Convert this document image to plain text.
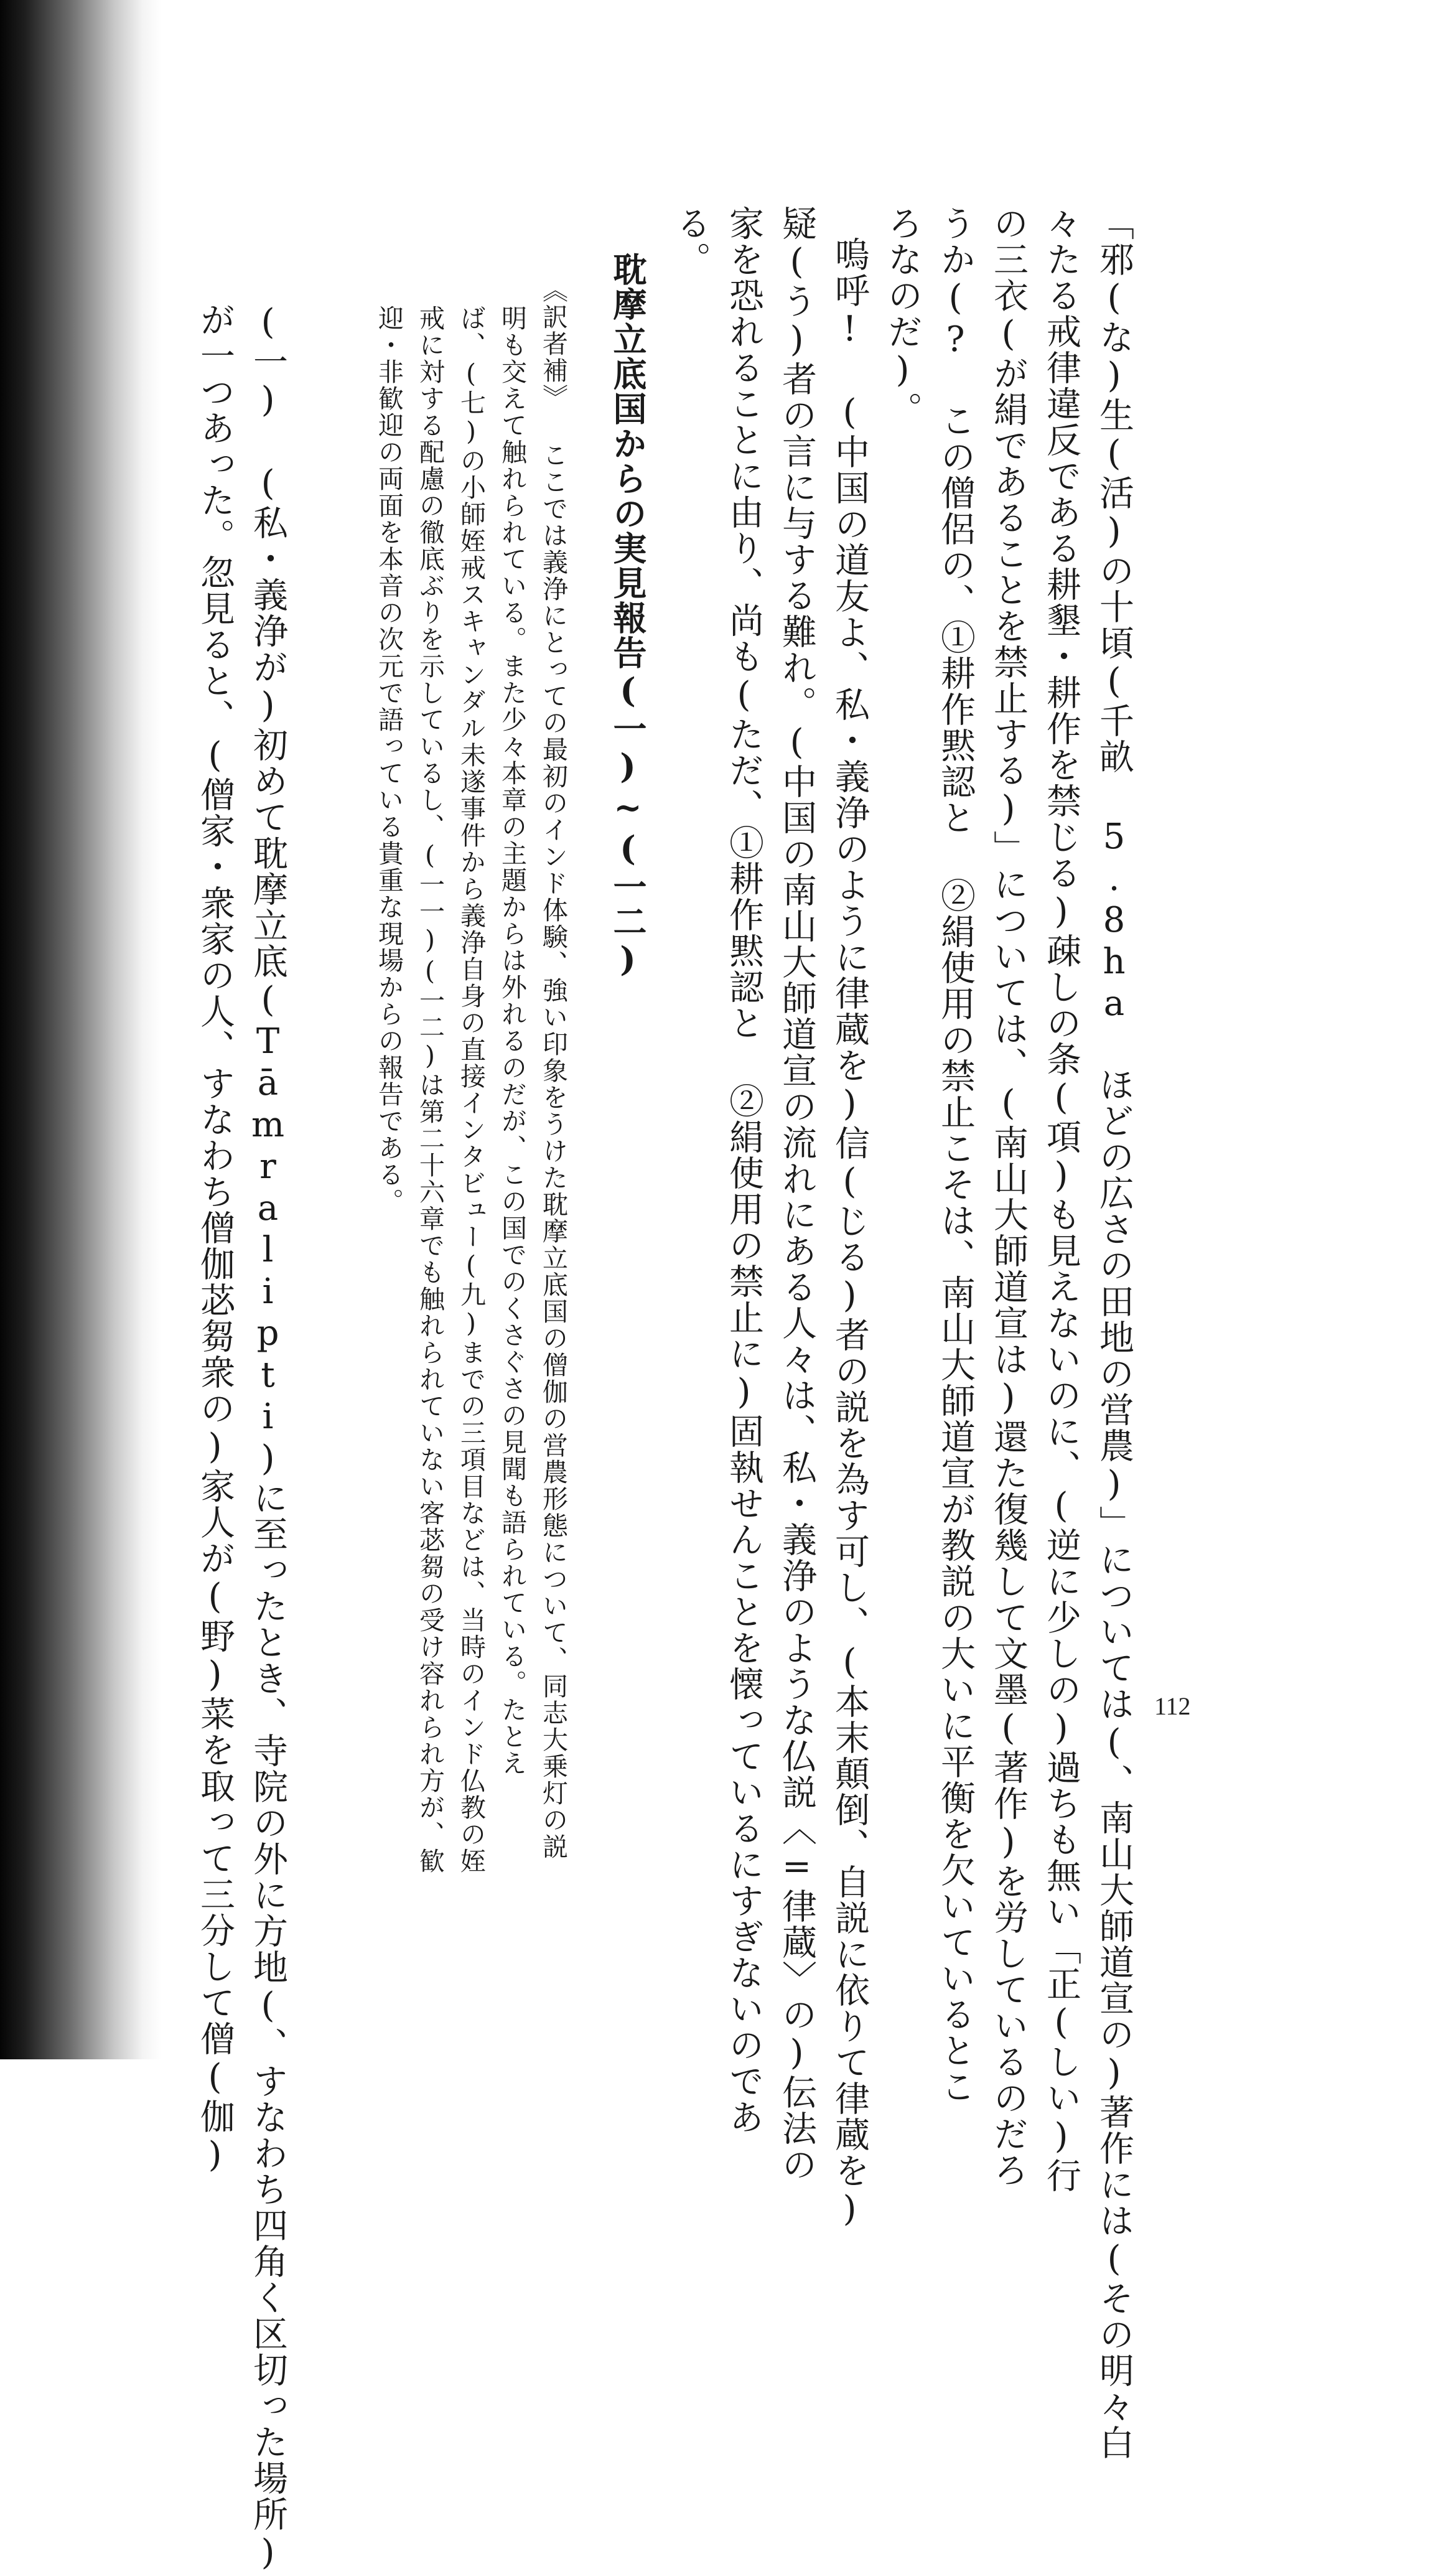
「邪(な)生(活)の十頃(千畝 5.8ha ほどの広さの田地の営農)」については(、南山大師道宣の)著作には(その明々白
々たる戒律違反である耕墾・耕作を禁じる)疎しの条(項)も見えないのに、(逆に少しの)過ちも無い「正(しい)行
の三衣(が絹であることを禁止する)」については、(南山大師道宣は)還た復幾して文墨(著作)を労しているのだろ
うか(? この僧侶の、①耕作黙認と ②絹使用の禁止こそは、南山大師道宣が教説の大いに平衡を欠いているとこ
ろなのだ)。
嗚呼! (中国の道友よ、私・義浄のように律蔵を)信(じる)者の説を為す可し、(本末顛倒、自説に依りて律蔵を)
疑(う)者の言に与する難れ。(中国の南山大師道宣の流れにある人々は、私・義浄のような仏説〈=律蔵〉の)伝法の
家を恐れることに由り、尚も(ただ、①耕作黙認と ②絹使用の禁止に)固執せんことを懐っているにすぎないのであ
る。
耽摩立底国からの実見報告(一)~(一二)
《訳者補》 ここでは義浄にとっての最初のインド体験、強い印象をうけた耽摩立底国の僧伽の営農形態について、同志大乗灯の説
明も交えて触れられている。また少々本章の主題からは外れるのだが、この国でのくさぐさの見聞も語られている。たとえ
ば、(七)の小師姪戒スキャンダル未遂事件から義浄自身の直接インタビュー(九)までの三項目などは、当時のインド仏教の姪
戒に対する配慮の徹底ぶりを示しているし、(一一)(一二)は第二十六章でも触れられていない客苾芻の受け容れられ方が、歓
迎・非歓迎の両面を本音の次元で語っている貴重な現場からの報告である。
(一) (私・義浄が)初めて耽摩立底(Tāmralipti)に至ったとき、寺院の外に方地(、すなわち四角く区切った場所)
が一つあった。忽見ると、(僧家・衆家の人、すなわち僧伽苾芻衆の)家人が(野)菜を取って三分して僧(伽)	112
